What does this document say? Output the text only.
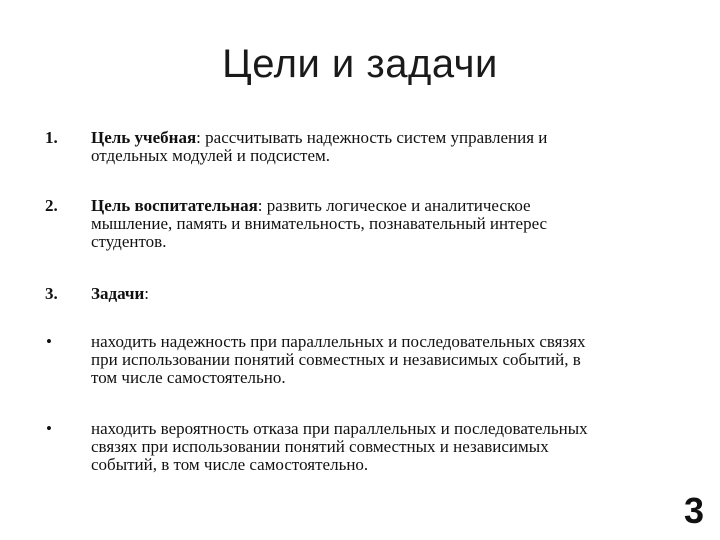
Цели и задачи
1. Цель учебная: рассчитывать надежность систем управления и
отдельных модулей и подсистем.
2. Цель воспитательная: развить логическое и аналитическое
мышление, память и внимательность, познавательный интерес
студентов.
3. Задачи:
• находить надежность при параллельных и последовательных связях
при использовании понятий совместных и независимых событий, в
том числе самостоятельно.
• находить вероятность отказа при параллельных и последовательных
связях при использовании понятий совместных и независимых
событий, в том числе самостоятельно.
3
